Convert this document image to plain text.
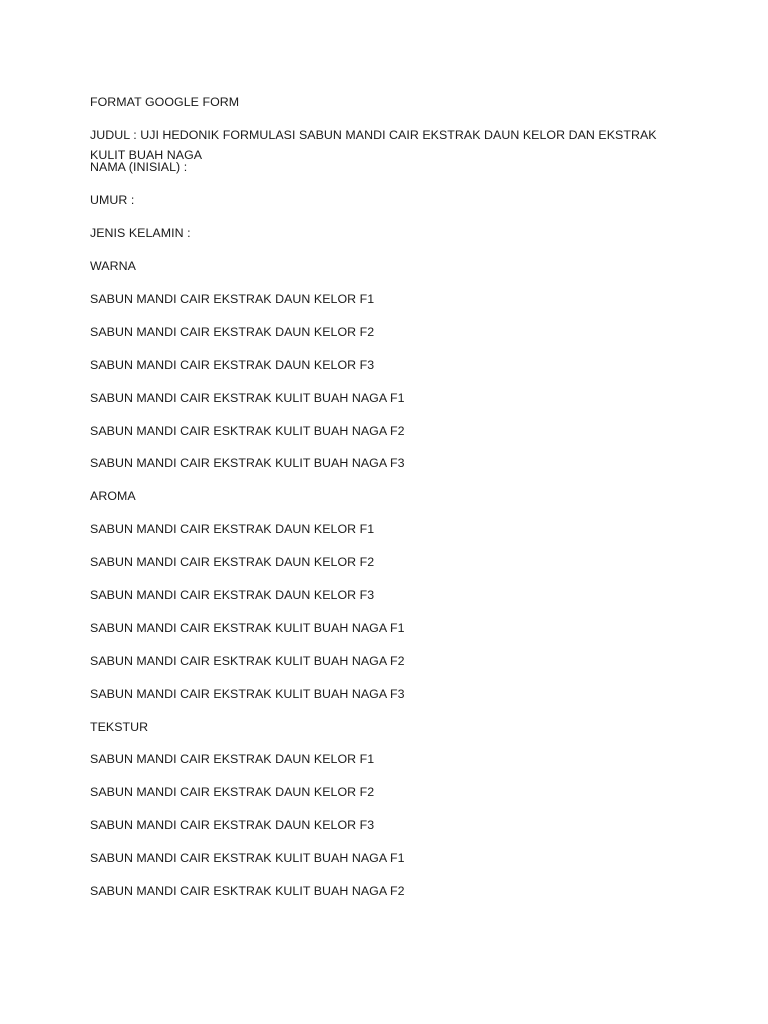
FORMAT GOOGLE FORM
JUDUL : UJI HEDONIK FORMULASI SABUN MANDI CAIR EKSTRAK DAUN KELOR DAN EKSTRAK KULIT BUAH NAGA
NAMA (INISIAL) :
UMUR :
JENIS KELAMIN :
WARNA
SABUN MANDI CAIR EKSTRAK DAUN KELOR F1
SABUN MANDI CAIR EKSTRAK DAUN KELOR F2
SABUN MANDI CAIR EKSTRAK DAUN KELOR F3
SABUN MANDI CAIR EKSTRAK KULIT BUAH NAGA F1
SABUN MANDI CAIR ESKTRAK KULIT BUAH NAGA F2
SABUN MANDI CAIR EKSTRAK KULIT BUAH NAGA F3
AROMA
SABUN MANDI CAIR EKSTRAK DAUN KELOR F1
SABUN MANDI CAIR EKSTRAK DAUN KELOR F2
SABUN MANDI CAIR EKSTRAK DAUN KELOR F3
SABUN MANDI CAIR EKSTRAK KULIT BUAH NAGA F1
SABUN MANDI CAIR ESKTRAK KULIT BUAH NAGA F2
SABUN MANDI CAIR EKSTRAK KULIT BUAH NAGA F3
TEKSTUR
SABUN MANDI CAIR EKSTRAK DAUN KELOR F1
SABUN MANDI CAIR EKSTRAK DAUN KELOR F2
SABUN MANDI CAIR EKSTRAK DAUN KELOR F3
SABUN MANDI CAIR EKSTRAK KULIT BUAH NAGA F1
SABUN MANDI CAIR ESKTRAK KULIT BUAH NAGA F2
